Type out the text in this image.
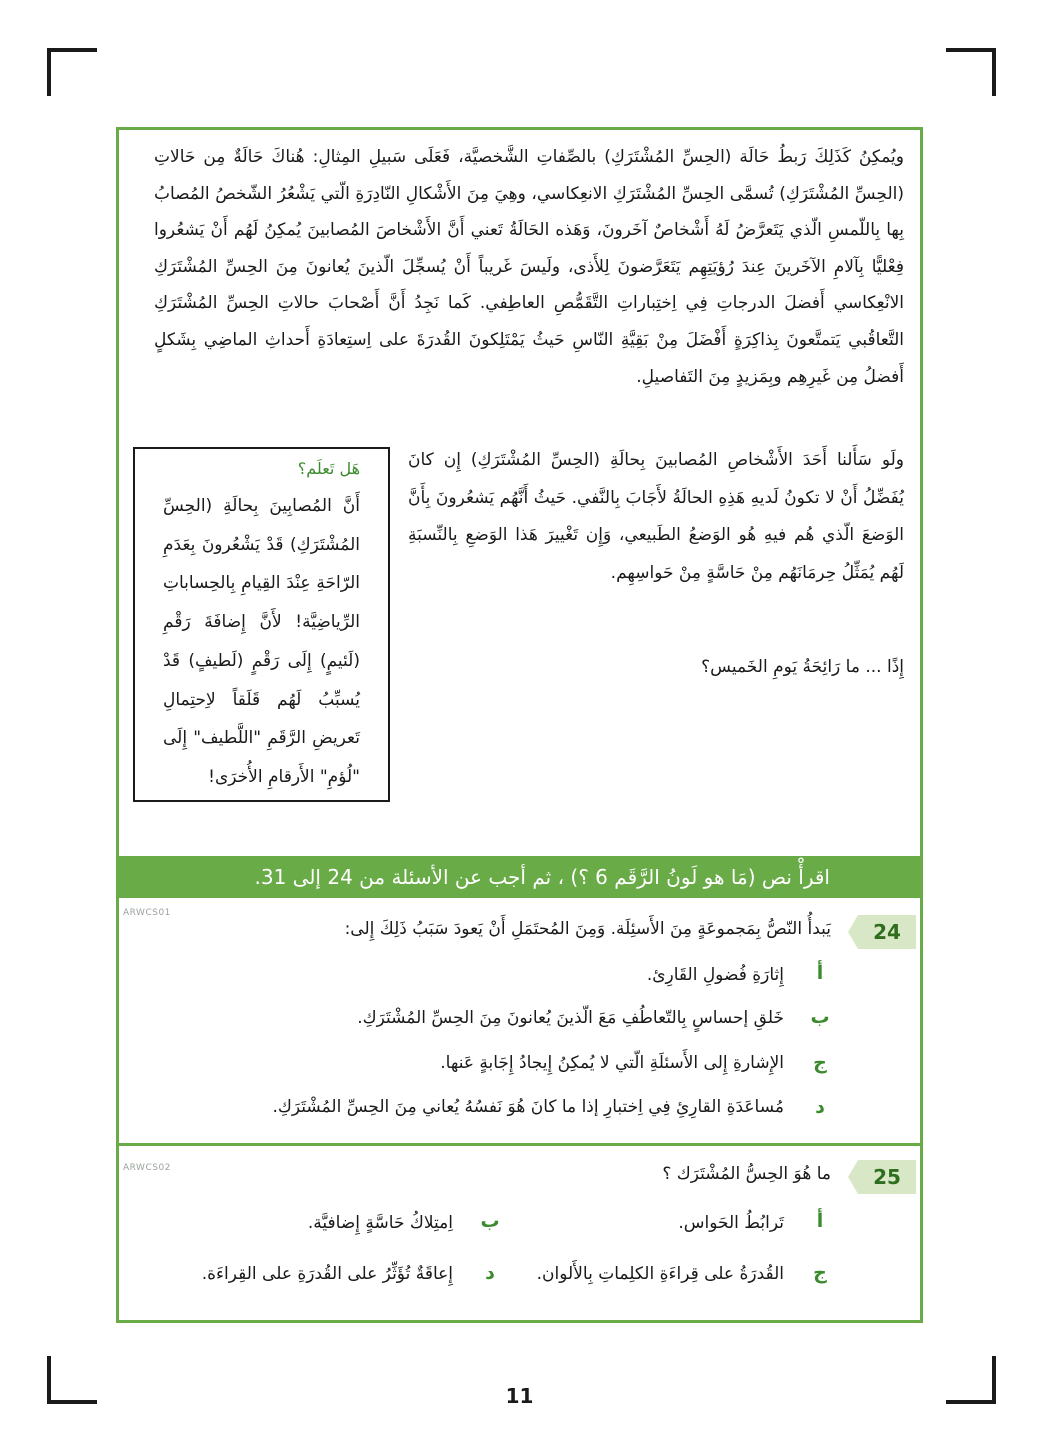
ويُمكِنُ كَذَلِكَ رَبطُ حَالَة (الحِسِّ المُشْتَرَكِ) بالصِّفاتِ الشَّخصيَّة، فَعَلَى سَبيلِ المِثالِ: هُناكَ حَالَةٌ مِن حَالاتِ (الحِسِّ المُشْتَرَكِ) تُسمَّى الحِسِّ المُشْتَرَكِ الانعِكاسي، وهِيَ مِنَ الأَشْكالِ النّادِرَةِ الّتي يَشْعُرُ الشّخصُ المُصابُ بِها بِاللّمسِ الّذي يَتَعرَّضُ لَهُ أَشْخاصٌ آخَرونَ، وَهَذه الحَالَةُ تَعني أَنَّ الأَشْخاصَ المُصابينَ يُمكِنُ لَهُم أَنْ يَشعُروا فِعْليًّا بِآلامِ الآخَرينَ عِندَ رُؤيَتِهِم يَتَعَرَّضونَ لِلأَذى، ولَيسَ غَريباً أَنْ يُسجِّلَ الّذينَ يُعانونَ مِنَ الحِسِّ المُشْتَرَكِ الانْعِكاسي أَفضلَ الدرجاتِ فِي اِختِباراتِ التَّقَمُّصِ العاطِفي. كَما نَجِدُ أَنَّ أَصْحابَ حالاتِ الحِسِّ المُشْتَرَكِ التَّعاقُبي يَتمتَّعونَ بِذاكِرَةٍ أَفْضَلَ مِنْ بَقِيَّةِ النّاسِ حَيثُ يَمْتَلِكونَ القُدرَةَ على اِستِعادَةِ أَحداثِ الماضِي بِشَكلٍ أَفضلُ مِن غَيرِهِم وبِمَزيدٍ مِنَ التَفاصيلِ.
ولَو سَأَلنا أَحَدَ الأَشْخاصِ المُصابينَ بِحالَةِ (الحِسِّ المُشْتَرَكِ) إِن كانَ يُفَضِّلُ أَنْ لا تكونُ لَديهِ هَذِهِ الحالَةُ لأَجَابَ بِالنَّفي. حَيثُ أَنَّهُم يَشعُرونَ بِأَنَّ الوَضعَ الّذي هُم فيهِ هُو الوَضعُ الطَبيعي، وَإِن تَغْييرَ هَذا الوَضعِ بِالنِّسبَةِ لَهُم يُمَثِّلُ حِرمَانَهُم مِنْ حَاسَّةٍ مِنْ حَواسِهِم.
إِذًا ... ما رَائِحَةُ يَومِ الخَميس؟
هَل تَعلَم؟
أَنَّ المُصابِينَ بِحالَةِ (الحِسِّ المُشْتَرَكِ) قَدْ يَشْعُرونَ بِعَدَمِ الرّاحَةِ عِنْدَ القِيامِ بِالحِساباتِ الرِّياضِيَّة! لأَنَّ إِضافَةَ رَقْمِ (لَئيمٍ) إِلَى رَقْمٍ (لَطيفٍ) قَدْ يُسبِّبُ لَهُم قَلَقاً لاِحتِمالِ تَعريضِ الرَّقَمِ "اللَّطيف" إِلَى "لُؤمِ" الأَرقامِ الأُخرَى!
اقرأْ نص (مَا هو لَونُ الرَّقَم 6 ؟) ، ثم أجب عن الأسئلة من 24 إلى 31.
ARWCS01
24
يَبدأُ النّصُّ بِمَجموعَةٍ مِنَ الأَسئِلَة. وَمِنَ المُحتَمَلِ أَنْ يَعودَ سَبَبُ ذَلِكَ إِلى:
أ
إِثارَةِ فُضولِ القَارِئ.
ب
خَلقِ إحساسٍ بِالتّعاطُفِ مَعَ الّذينَ يُعانونَ مِنَ الحِسِّ المُشْتَرَكِ.
ج
الإِشارةِ إِلى الأَسئلَةِ الّتي لا يُمكِنُ إِيجادُ إِجَابةٍ عَنها.
د
مُساعَدَةِ القارِئِ فِي اِختبارِ إذا ما كانَ هُوَ نَفسُهُ يُعاني مِنَ الحِسِّ المُشْتَرَكِ.
ARWCS02	25
ما هُوَ الحِسُّ المُشْتَرَك ؟
أ
تَرابُطُ الحَواس.
ب
اِمتِلاكُ حَاسَّةٍ إِضافيَّة.
ج
القُدرَةُ على قِراءَةِ الكلِماتِ بِالأَلوان.
د
إِعاقَةٌ تُؤَثِّرُ على القُدرَةِ على القِراءَة.
11
